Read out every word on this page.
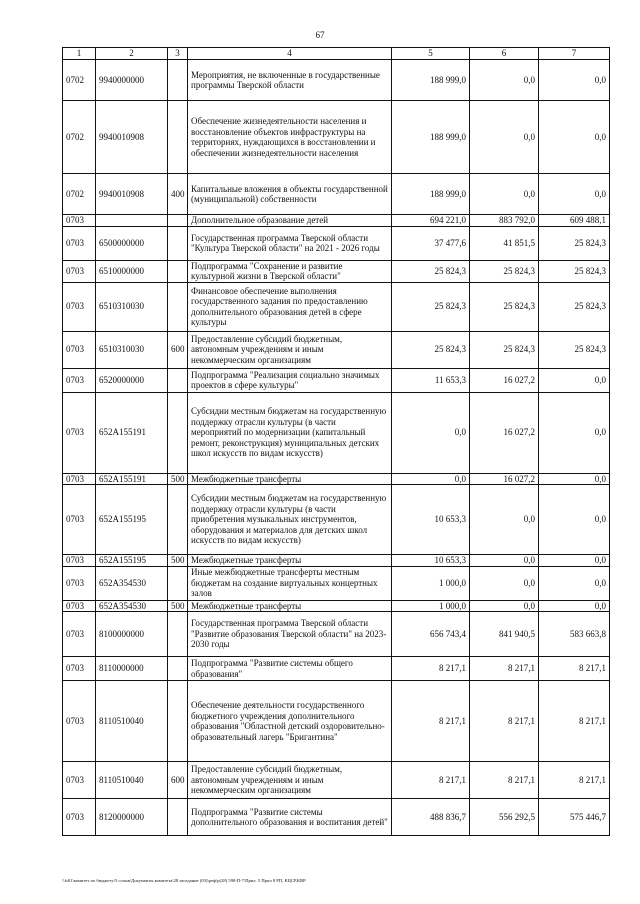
67
1	2	3	4	5	6	7
0702	9940000000		Мероприятия, не включенные в государственные программы Тверской области	188 999,0	0,0	0,0
0702	9940010908		Обеспечение жизнедеятельности населения и восстановление объектов инфраструктуры на территориях, нуждающихся в восстановлении и обеспечении жизнедеятельности населения	188 999,0	0,0	0,0
0702	9940010908	400	Капитальные вложения в объекты государственной (муниципальной) собственности	188 999,0	0,0	0,0
0703			Дополнительное образование детей	694 221,0	883 792,0	609 488,1
0703	6500000000		Государственная программа Тверской области "Культура Тверской области" на 2021 - 2026 годы	37 477,6	41 851,5	25 824,3
0703	6510000000		Подпрограмма "Сохранение и развитие культурной жизни в Тверской области"	25 824,3	25 824,3	25 824,3
0703	6510310030		Финансовое обеспечение выполнения государственного задания по предоставлению дополнительного образования детей в сфере культуры	25 824,3	25 824,3	25 824,3
0703	6510310030	600	Предоставление субсидий бюджетным, автономным учреждениям и иным некоммерческим организациям	25 824,3	25 824,3	25 824,3
0703	6520000000		Подпрограмма "Реализация социально значимых проектов в сфере культуры"	11 653,3	16 027,2	0,0
0703	652A155191		Субсидии местным бюджетам на государственную поддержку отрасли культуры (в части мероприятий по модернизации (капитальный ремонт, реконструкция) муниципальных детских школ искусств по видам искусств)	0,0	16 027,2	0,0
0703	652A155191	500	Межбюджетные трансферты	0,0	16 027,2	0,0
0703	652A155195		Субсидии местным бюджетам на государственную поддержку отрасли культуры (в части приобретения музыкальных инструментов, оборудования и материалов для детских школ искусств по видам искусств)	10 653,3	0,0	0,0
0703	652A155195	500	Межбюджетные трансферты	10 653,3	0,0	0,0
0703	652A354530		Иные межбюджетные трансферты местным бюджетам на создание виртуальных концертных залов	1 000,0	0,0	0,0
0703	652A354530	500	Межбюджетные трансферты	1 000,0	0,0	0,0
0703	8100000000		Государственная программа Тверской области "Развитие образования Тверской области" на 2023-2030 годы	656 743,4	841 940,5	583 663,8
0703	8110000000		Подпрограмма "Развитие системы общего образования"	8 217,1	8 217,1	8 217,1
0703	8110510040		Обеспечение деятельности государственного бюджетного учреждения дополнительного образования "Областной детский оздоровительно-образовательный лагерь "Бригантина"	8 217,1	8 217,1	8 217,1
0703	8110510040	600	Предоставление субсидий бюджетным, автономным учреждениям и иным некоммерческим организациям	8 217,1	8 217,1	8 217,1
0703	8120000000		Подпрограмма "Развитие системы дополнительного образования и воспитания детей"	488 836,7	556 292,5	575 446,7
\\fs01\комитет по бюджету\5 созыв\Документы комитета\28 заседание (03)\реф\р(28) 598-П-7\Прил. 5 Прил 8 РП, КЦСР,КВР
